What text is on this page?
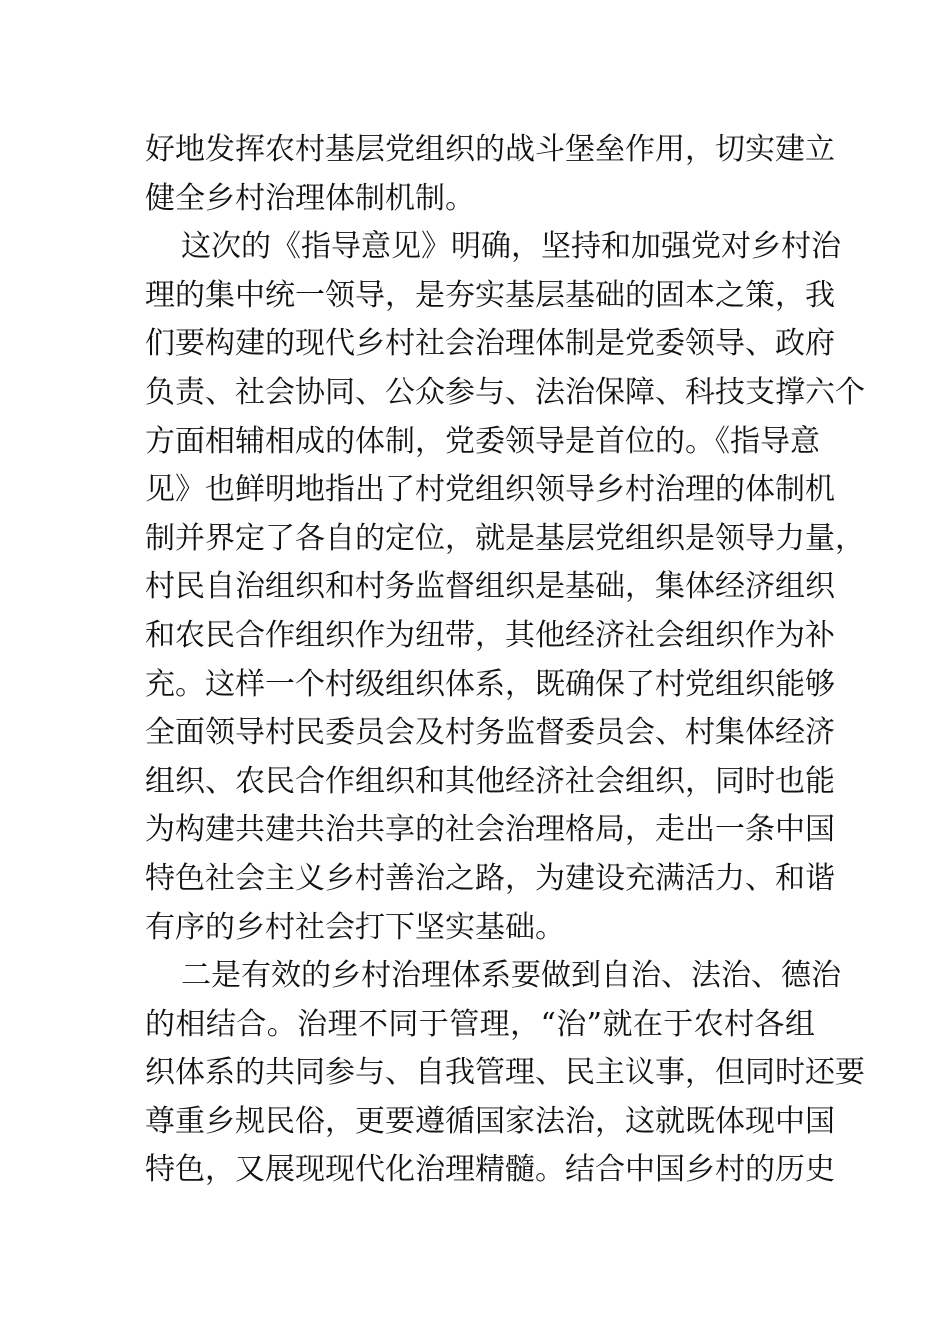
好地发挥农村基层党组织的战斗堡垒作用，切实建立
健全乡村治理体制机制。
这次的《指导意见》明确，坚持和加强党对乡村治
理的集中统一领导，是夯实基层基础的固本之策，我
们要构建的现代乡村社会治理体制是党委领导、政府
负责、社会协同、公众参与、法治保障、科技支撑六个
方面相辅相成的体制，党委领导是首位的。《指导意
见》也鲜明地指出了村党组织领导乡村治理的体制机
制并界定了各自的定位，就是基层党组织是领导力量，
村民自治组织和村务监督组织是基础，集体经济组织
和农民合作组织作为纽带，其他经济社会组织作为补
充。这样一个村级组织体系，既确保了村党组织能够
全面领导村民委员会及村务监督委员会、村集体经济
组织、农民合作组织和其他经济社会组织，同时也能
为构建共建共治共享的社会治理格局，走出一条中国
特色社会主义乡村善治之路，为建设充满活力、和谐
有序的乡村社会打下坚实基础。
二是有效的乡村治理体系要做到自治、法治、德治
的相结合。治理不同于管理，“治”就在于农村各组
织体系的共同参与、自我管理、民主议事，但同时还要
尊重乡规民俗，更要遵循国家法治，这就既体现中国
特色，又展现现代化治理精髓。结合中国乡村的历史
